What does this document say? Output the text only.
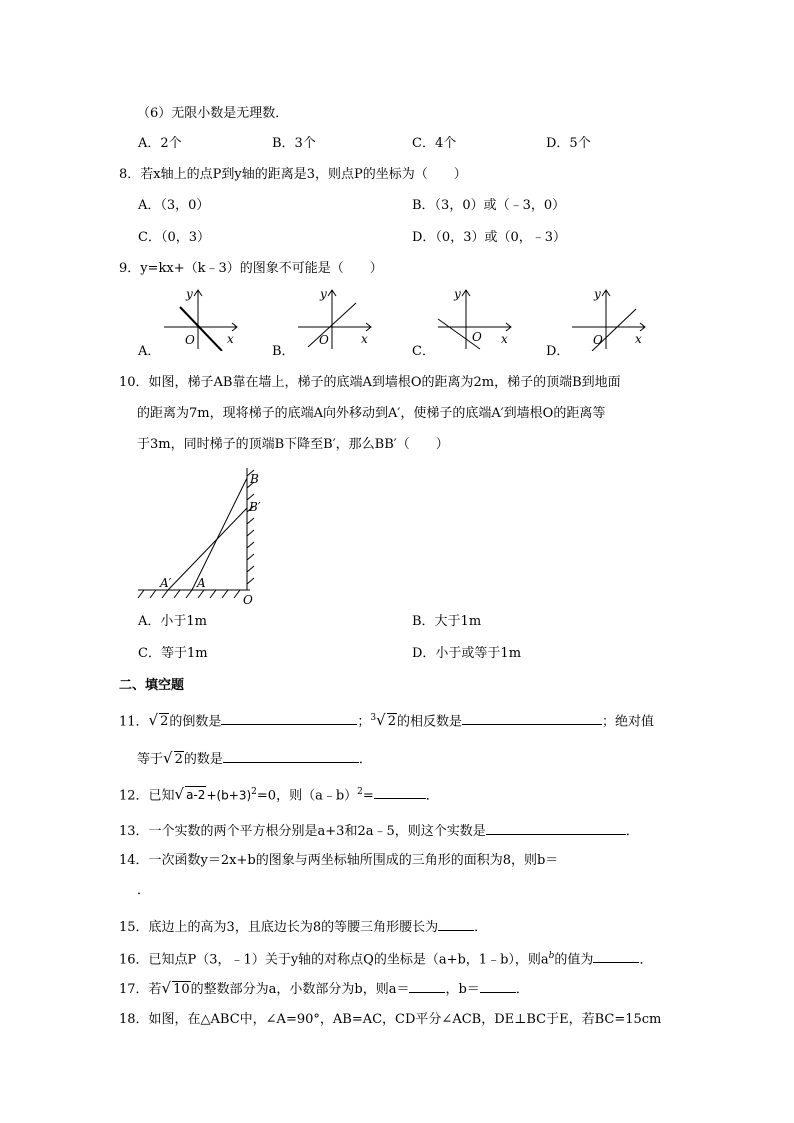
（6）无限小数是无理数．
A．2个	B．3个	C．4个	D．5个
8．若x轴上的点P到y轴的距离是3，则点P的坐标为（　　）
A．（3，0）	B．（3，0）或（﹣3，0）
C．（0，3）	D．（0，3）或（0，﹣3）
9．y=kx+（k﹣3）的图象不可能是（　　）
A．
y
x
O
B．
y
x
O
C．
y
x
O
D．
y
x
O
10．如图，梯子AB靠在墙上，梯子的底端A到墙根O的距离为2m，梯子的顶端B到地面
的距离为7m，现将梯子的底端A向外移动到A′，使梯子的底端A′到墙根O的距离等
于3m，同时梯子的顶端B下降至B′，那么BB′（　　）
B
B′
A′ A
O
A．小于1m	B．大于1m
C．等于1m	D．小于或等于1m
二、填空题
11．√ 2的倒数是	；$^3$√ 2的相反数是	；绝对值
等于√ 2的数是	．
12．已知√ $a-2+(b+3)^2=0$，则（a﹣b）$^2$=	．
13．一个实数的两个平方根分别是a+3和2a﹣5，则这个实数是	．
14．一次函数y＝2x+b的图象与两坐标轴所围成的三角形的面积为8，则b＝
．
15．底边上的高为3，且底边长为8的等腰三角形腰长为	．
16．已知点P（3，﹣1）关于y轴的对称点Q的坐标是（a+b，1﹣b），则$a^b$的值为	．
17．若√ 10的整数部分为a，小数部分为b，则a＝	，b＝	．
18．如图，在△ABC中，∠A=90°，AB=AC，CD平分∠ACB，DE⊥BC于E，若BC=15cm
